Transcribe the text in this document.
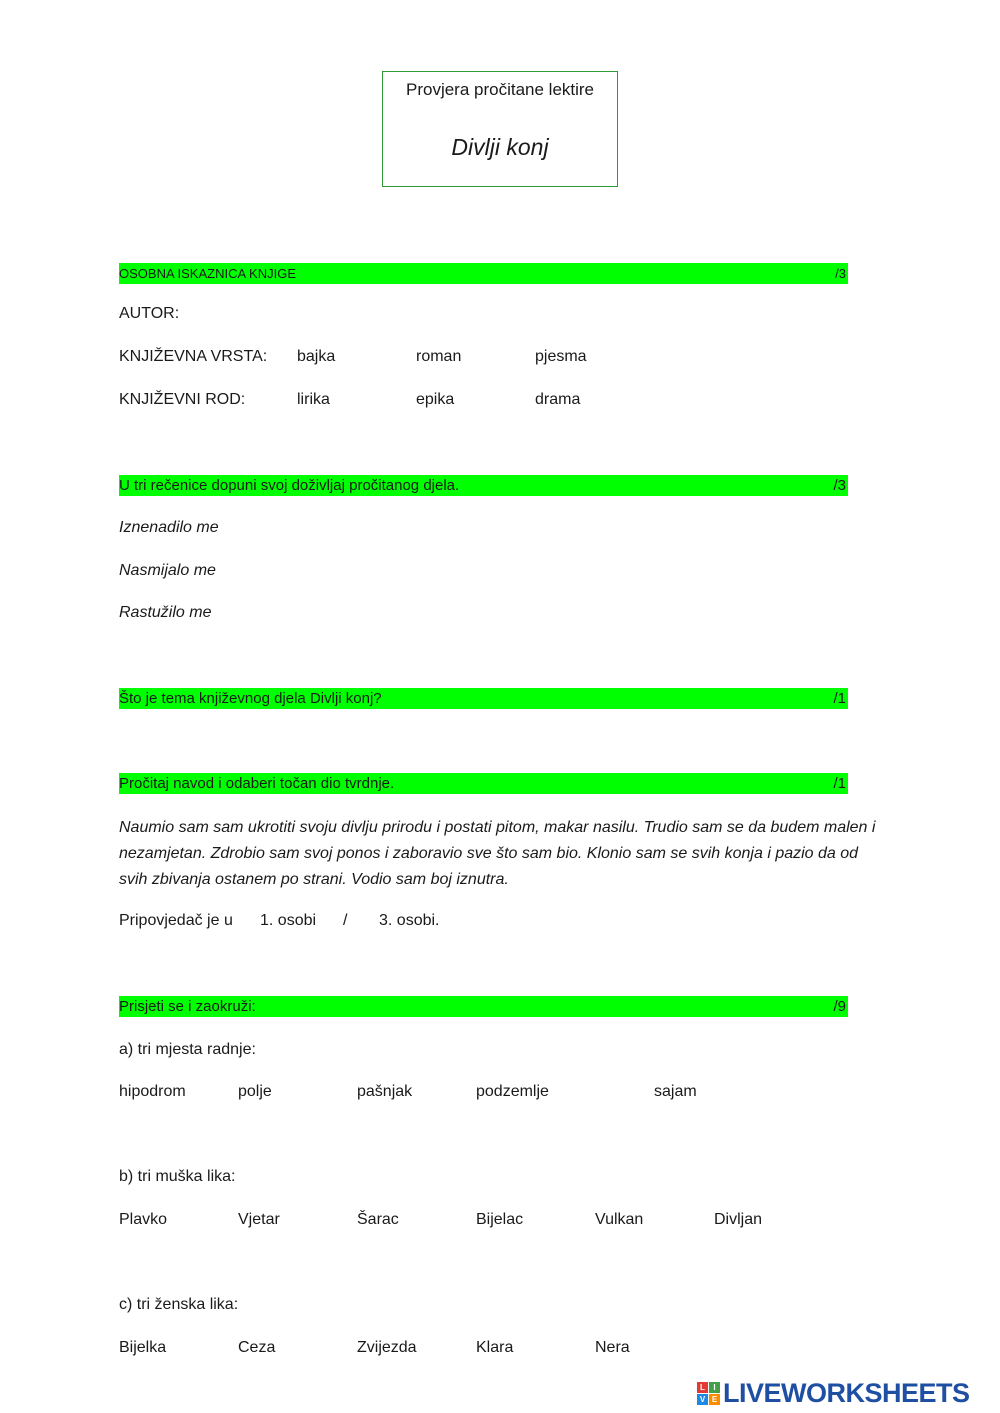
Provjera pročitane lektire
Divlji konj
OSOBNA ISKAZNICA KNJIGE	/3
AUTOR:
KNJIŽEVNA VRSTA: bajka	roman	pjesma
KNJIŽEVNI ROD:	lirika	epika	drama
U tri rečenice dopuni svoj doživljaj pročitanog djela.	/3
Iznenadilo me
Nasmijalo me
Rastužilo me
Što je tema književnog djela Divlji konj?	/1
Pročitaj navod i odaberi točan dio tvrdnje.	/1
Naumio sam sam ukrotiti svoju divlju prirodu i postati pitom, makar nasilu. Trudio sam se da budem malen i nezamjetan. Zdrobio sam svoj ponos i zaboravio sve što sam bio. Klonio sam se svih konja i pazio da od svih zbivanja ostanem po strani. Vodio sam boj iznutra.
Pripovjedač je u 1. osobi / 3. osobi.
Prisjeti se i zaokruži:	/9
a) tri mjesta radnje:
hipodrom	polje	pašnjak	podzemlje	sajam
b) tri muška lika:
Plavko	Vjetar	Šarac	Bijelac	Vulkan	Divljan
c) tri ženska lika:
Bijelka	Ceza	Zvijezda	Klara	Nera
L	I
V E LIVEWORKSHEETS
